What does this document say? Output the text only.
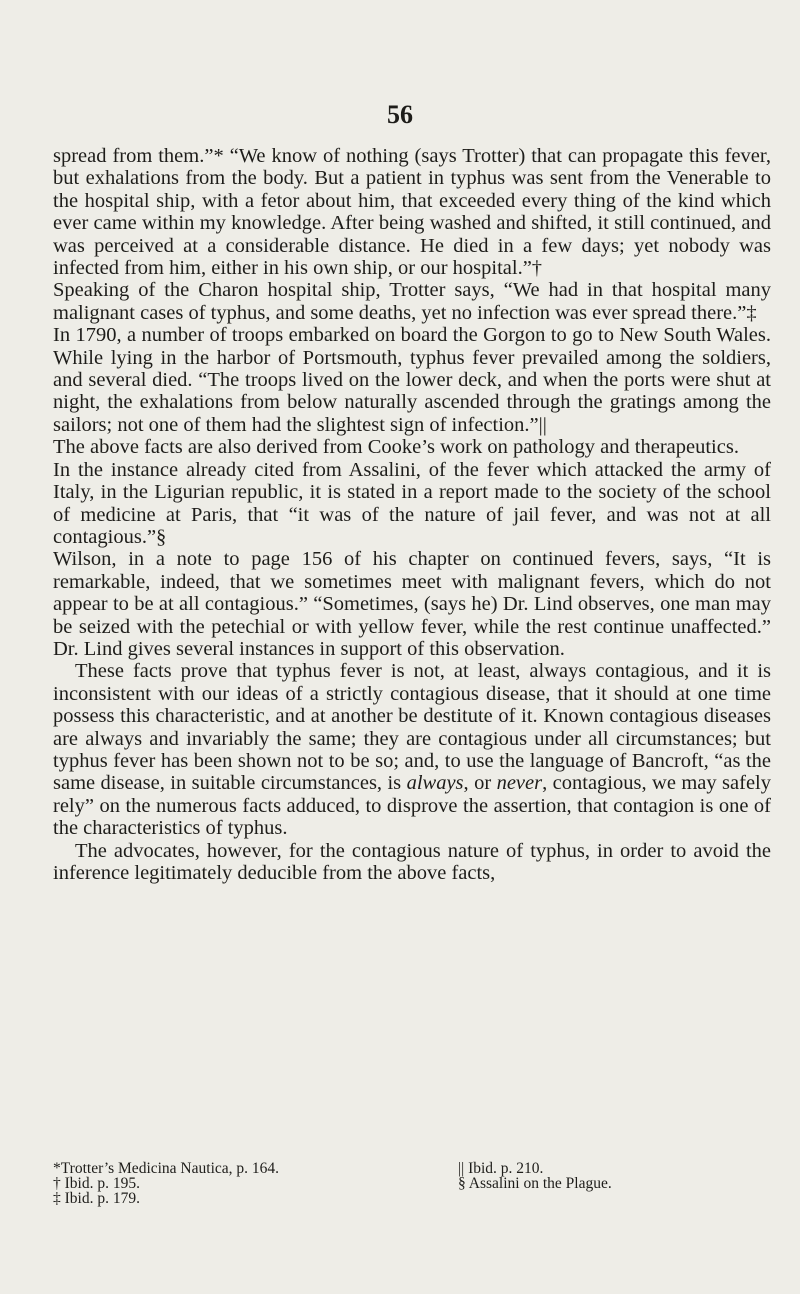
56

spread from them.”* “We know of nothing (says Trotter) that can propagate this fever, but exhalations from the body. But a patient in typhus was sent from the Venerable to the hospital ship, with a fetor about him, that exceeded every thing of the kind which ever came within my knowledge. After being washed and shifted, it still continued, and was perceived at a considerable distance. He died in a few days; yet nobody was infected from him, either in his own ship, or our hospital.”†

Speaking of the Charon hospital ship, Trotter says, “We had in that hospital many malignant cases of typhus, and some deaths, yet no infection was ever spread there.”‡

In 1790, a number of troops embarked on board the Gorgon to go to New South Wales. While lying in the harbor of Portsmouth, typhus fever prevailed among the soldiers, and several died. “The troops lived on the lower deck, and when the ports were shut at night, the exhalations from below naturally ascended through the gratings among the sailors; not one of them had the slightest sign of infection.”||

The above facts are also derived from Cooke’s work on pathology and therapeutics.

In the instance already cited from Assalini, of the fever which attacked the army of Italy, in the Ligurian republic, it is stated in a report made to the society of the school of medicine at Paris, that “it was of the nature of jail fever, and was not at all contagious.”§

Wilson, in a note to page 156 of his chapter on continued fevers, says, “It is remarkable, indeed, that we sometimes meet with malignant fevers, which do not appear to be at all contagious.” “Sometimes, (says he) Dr. Lind observes, one man may be seized with the petechial or with yellow fever, while the rest continue unaffected.” Dr. Lind gives several instances in support of this observation.

These facts prove that typhus fever is not, at least, always contagious, and it is inconsistent with our ideas of a strictly contagious disease, that it should at one time possess this characteristic, and at another be destitute of it. Known contagious diseases are always and invariably the same; they are contagious under all circumstances; but typhus fever has been shown not to be so; and, to use the language of Bancroft, “as the same disease, in suitable circumstances, is always, or never, contagious, we may safely rely” on the numerous facts adduced, to disprove the assertion, that contagion is one of the characteristics of typhus.

The advocates, however, for the contagious nature of typhus, in order to avoid the inference legitimately deducible from the above facts,

*Trotter’s Medicina Nautica, p. 164.
† Ibid. p. 195.
‡ Ibid. p. 179.
|| Ibid. p. 210.
§ Assalini on the Plague.
